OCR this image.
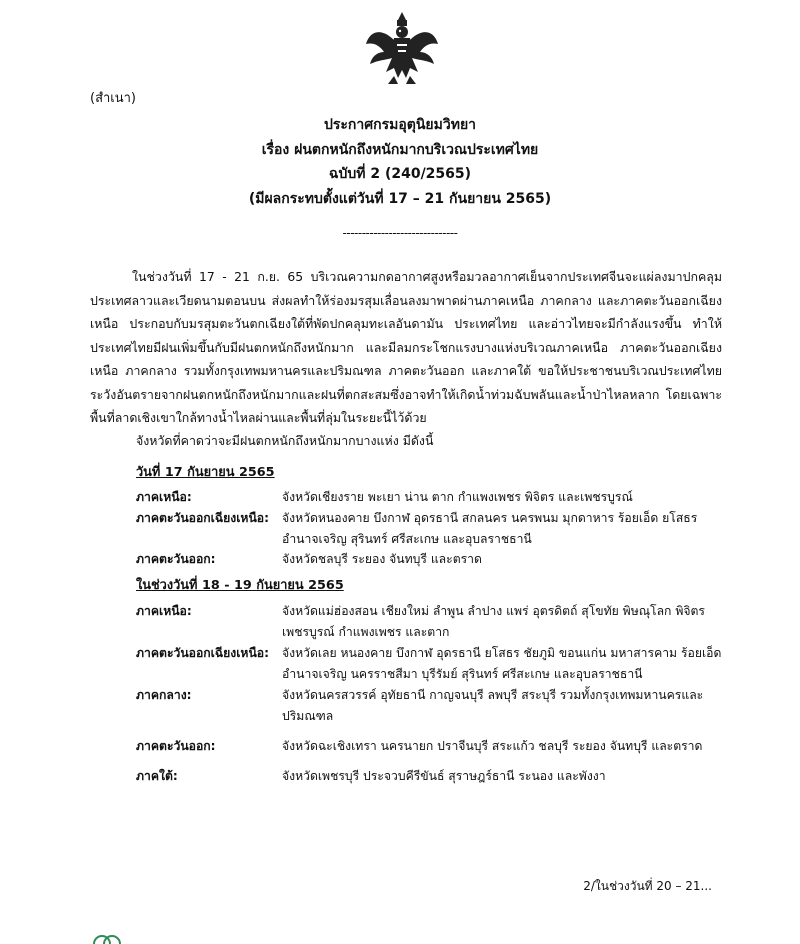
(สำเนา)
ประกาศกรมอุตุนิยมวิทยา
เรื่อง ฝนตกหนักถึงหนักมากบริเวณประเทศไทย
ฉบับที่ 2 (240/2565)
(มีผลกระทบตั้งแต่วันที่ 17 – 21 กันยายน 2565)
------------------------------

ในช่วงวันที่ 17 - 21 ก.ย. 65 บริเวณความกดอากาศสูงหรือมวลอากาศเย็นจากประเทศจีนจะแผ่ลงมาปกคลุมประเทศลาวและเวียดนามตอนบน ส่งผลทำให้ร่องมรสุมเลื่อนลงมาพาดผ่านภาคเหนือ ภาคกลาง และภาคตะวันออกเฉียงเหนือ ประกอบกับมรสุมตะวันตกเฉียงใต้ที่พัดปกคลุมทะเลอันดามัน ประเทศไทย และอ่าวไทยจะมีกำลังแรงขึ้น ทำให้ประเทศไทยมีฝนเพิ่มขึ้นกับมีฝนตกหนักถึงหนักมาก และมีลมกระโชกแรงบางแห่งบริเวณภาคเหนือ ภาคตะวันออกเฉียงเหนือ ภาคกลาง รวมทั้งกรุงเทพมหานครและปริมณฑล ภาคตะวันออก และภาคใต้ ขอให้ประชาชนบริเวณประเทศไทยระวังอันตรายจากฝนตกหนักถึงหนักมากและฝนที่ตกสะสมซึ่งอาจทำให้เกิดน้ำท่วมฉับพลันและน้ำป่าไหลหลาก โดยเฉพาะพื้นที่ลาดเชิงเขาใกล้ทางน้ำไหลผ่านและพื้นที่ลุ่มในระยะนี้ไว้ด้วย

จังหวัดที่คาดว่าจะมีฝนตกหนักถึงหนักมากบางแห่ง มีดังนี้
วันที่ 17 กันยายน 2565
ภาคเหนือ:	จังหวัดเชียงราย พะเยา น่าน ตาก กำแพงเพชร พิจิตร และเพชรบูรณ์
ภาคตะวันออกเฉียงเหนือ:	จังหวัดหนองคาย บึงกาฬ อุดรธานี สกลนคร นครพนม มุกดาหาร ร้อยเอ็ด ยโสธร อำนาจเจริญ สุรินทร์ ศรีสะเกษ และอุบลราชธานี
ภาคตะวันออก:	จังหวัดชลบุรี ระยอง จันทบุรี และตราด
ในช่วงวันที่ 18 - 19 กันยายน 2565
ภาคเหนือ:	จังหวัดแม่ฮ่องสอน เชียงใหม่ ลำพูน ลำปาง แพร่ อุตรดิตถ์ สุโขทัย พิษณุโลก พิจิตร เพชรบูรณ์ กำแพงเพชร และตาก
ภาคตะวันออกเฉียงเหนือ:	จังหวัดเลย หนองคาย บึงกาฬ อุดรธานี ยโสธร ชัยภูมิ ขอนแก่น มหาสารคาม ร้อยเอ็ด อำนาจเจริญ นครราชสีมา บุรีรัมย์ สุรินทร์ ศรีสะเกษ และอุบลราชธานี
ภาคกลาง:	จังหวัดนครสวรรค์ อุทัยธานี กาญจนบุรี ลพบุรี สระบุรี รวมทั้งกรุงเทพมหานครและปริมณฑล
ภาคตะวันออก:	จังหวัดฉะเชิงเทรา นครนายก ปราจีนบุรี สระแก้ว ชลบุรี ระยอง จันทบุรี และตราด
ภาคใต้:	จังหวัดเพชรบุรี ประจวบคีรีขันธ์ สุราษฎร์ธานี ระนอง และพังงา
2/ในช่วงวันที่ 20 – 21...
